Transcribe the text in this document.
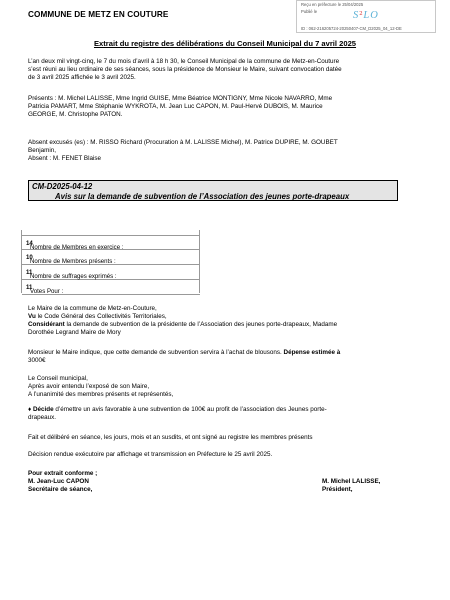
COMMUNE DE METZ EN COUTURE
Reçu en préfecture le 25/04/2025
Publié le	S²LO
ID : 062-216205724-20250407-CM_D2025_04_12-DE
Extrait du registre des délibérations du Conseil Municipal du 7 avril 2025
L’an deux mil vingt-cinq, le 7 du mois d’avril à 18 h 30, le Conseil Municipal de la commune de Metz-en-Couture
s’est réuni au lieu ordinaire de ses séances, sous la présidence de Monsieur le Maire, suivant convocation datée
de 3 avril 2025 affichée le 3 avril 2025.
Présents : M. Michel LALISSE, Mme Ingrid GUISE, Mme Béatrice MONTIGNY, Mme Nicole NAVARRO, Mme
Patricia PAMART, Mme Stéphanie WYKROTA, M. Jean Luc CAPON, M. Paul-Hervé DUBOIS, M. Maurice
GEORGE, M. Christophe PATON.
Absent excusés (es) : M. RISSO Richard (Procuration à M. LALISSE Michel), M. Patrice DUPIRE, M. GOUBET
Benjamin,
Absent : M. FENET Blaise
CM-D2025-04-12
Avis sur la demande de subvention de l’Association des jeunes porte-drapeaux
Nombre de Membres en exercice :
14
Nombre de Membres présents :
10
Nombre de suffrages exprimés :
11
Le Maire de la commune de Metz-en-Couture,
Vu le Code Général des Collectivités Territoriales,
Considérant la demande de subvention de la présidente de l’Association des jeunes porte-drapeaux, Madame
Dorothée Legrand Maire de Mory
Monsieur le Maire indique, que cette demande de subvention servira à l’achat de blousons. Dépense estimée à
3000€
Le Conseil municipal,
Après avoir entendu l’exposé de son Maire,
A l’unanimité des membres présents et représentés,
♦ Décide d’émettre un avis favorable à une subvention de 100€ au profit de l’association des Jeunes porte-
drapeaux.
Fait et délibéré en séance, les jours, mois et an susdits, et ont signé au registre les membres présents
Décision rendue exécutoire par affichage et transmission en Préfecture le 25 avril 2025.
Pour extrait conforme ;
M. Jean-Luc CAPON
Secrétaire de séance,
M. Michel LALISSE,
Président,
Votes Pour :
11
